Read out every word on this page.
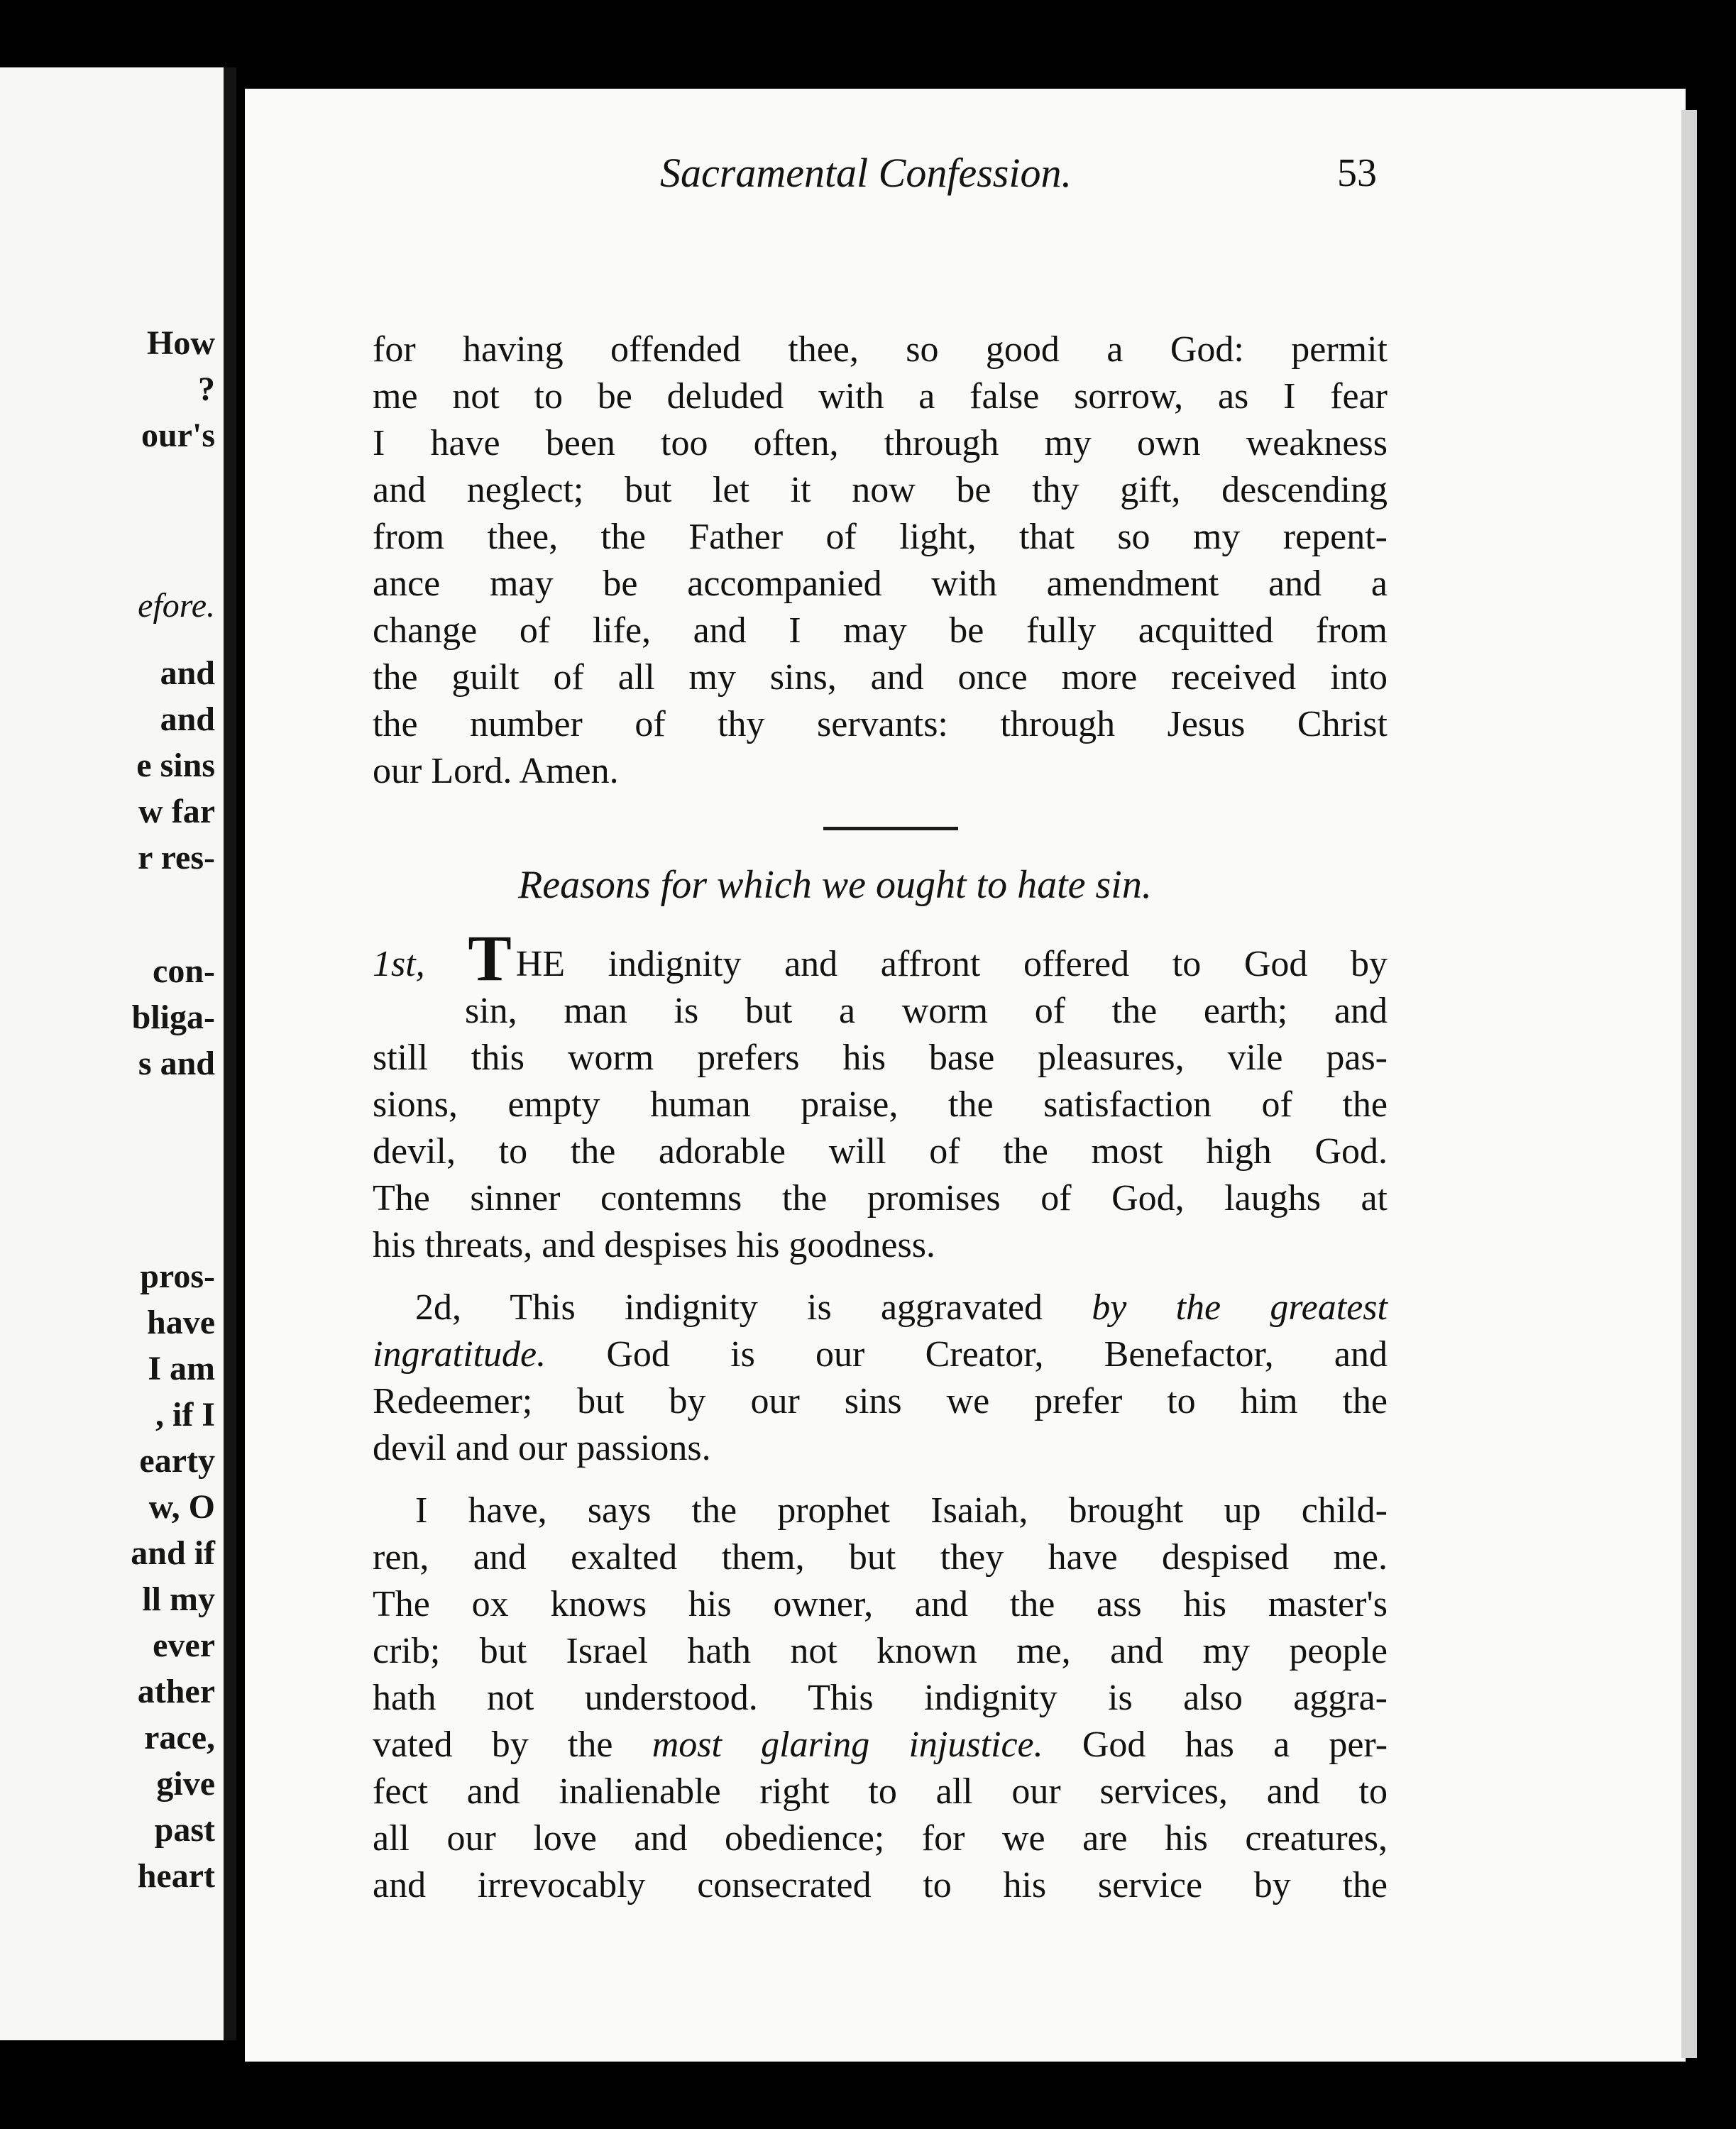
How
?
our's
efore.
and
and
e sins
w far
r res-
con-
bliga-
s and
pros-
have
I am
, if I
earty
w, O
and if
ll my
ever
ather
race,
give
past
heart
Sacramental Confession.	53
for having offended thee, so good a God: permit
me not to be deluded with a false sorrow, as I fear
I have been too often, through my own weakness
and neglect; but let it now be thy gift, descending
from thee, the Father of light, that so my repent-
ance may be accompanied with amendment and a
change of life, and I may be fully acquitted from
the guilt of all my sins, and once more received into
the number of thy servants: through Jesus Christ
our Lord. Amen.
Reasons for which we ought to hate sin.
1st, T HE indignity and affront offered to God by
sin, man is but a worm of the earth; and
still this worm prefers his base pleasures, vile pas-
sions, empty human praise, the satisfaction of the
devil, to the adorable will of the most high God.
The sinner contemns the promises of God, laughs at
his threats, and despises his goodness.
2d, This indignity is aggravated by the greatest
ingratitude. God is our Creator, Benefactor, and
Redeemer; but by our sins we prefer to him the
devil and our passions.
I have, says the prophet Isaiah, brought up child-
ren, and exalted them, but they have despised me.
The ox knows his owner, and the ass his master's
crib; but Israel hath not known me, and my people
hath not understood. This indignity is also aggra-
vated by the most glaring injustice. God has a per-
fect and inalienable right to all our services, and to
all our love and obedience; for we are his creatures,
and irrevocably consecrated to his service by the
